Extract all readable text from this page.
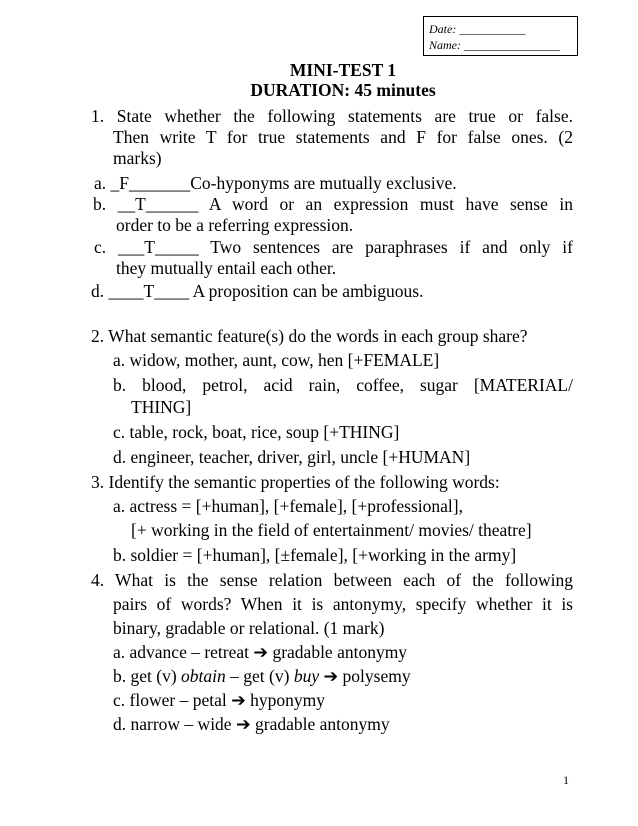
Date: ___________
Name: ________________
MINI-TEST 1
DURATION: 45 minutes
1. State whether the following statements are true or false.
Then write T for true statements and F for false ones. (2
marks)
a. _F_______Co-hyponyms are mutually exclusive.
b. __T______ A word or an expression must have sense in
order to be a referring expression.
c. ___T_____ Two sentences are paraphrases if and only if
they mutually entail each other.
d. ____T____ A proposition can be ambiguous.
2. What semantic feature(s) do the words in each group share?
a. widow, mother, aunt, cow, hen [+FEMALE]
b. blood, petrol, acid rain, coffee, sugar [MATERIAL/
THING]
c. table, rock, boat, rice, soup [+THING]
d. engineer, teacher, driver, girl, uncle [+HUMAN]
3. Identify the semantic properties of the following words:
a. actress = [+human], [+female], [+professional],
[+ working in the field of entertainment/ movies/ theatre]
b. soldier = [+human], [±female], [+working in the army]
4. What is the sense relation between each of the following
pairs of words? When it is antonymy, specify whether it is
binary, gradable or relational. (1 mark)
a. advance – retreat ➔ gradable antonymy
b. get (v) obtain – get (v) buy ➔ polysemy
c. flower – petal ➔ hyponymy
d. narrow – wide ➔ gradable antonymy
1
